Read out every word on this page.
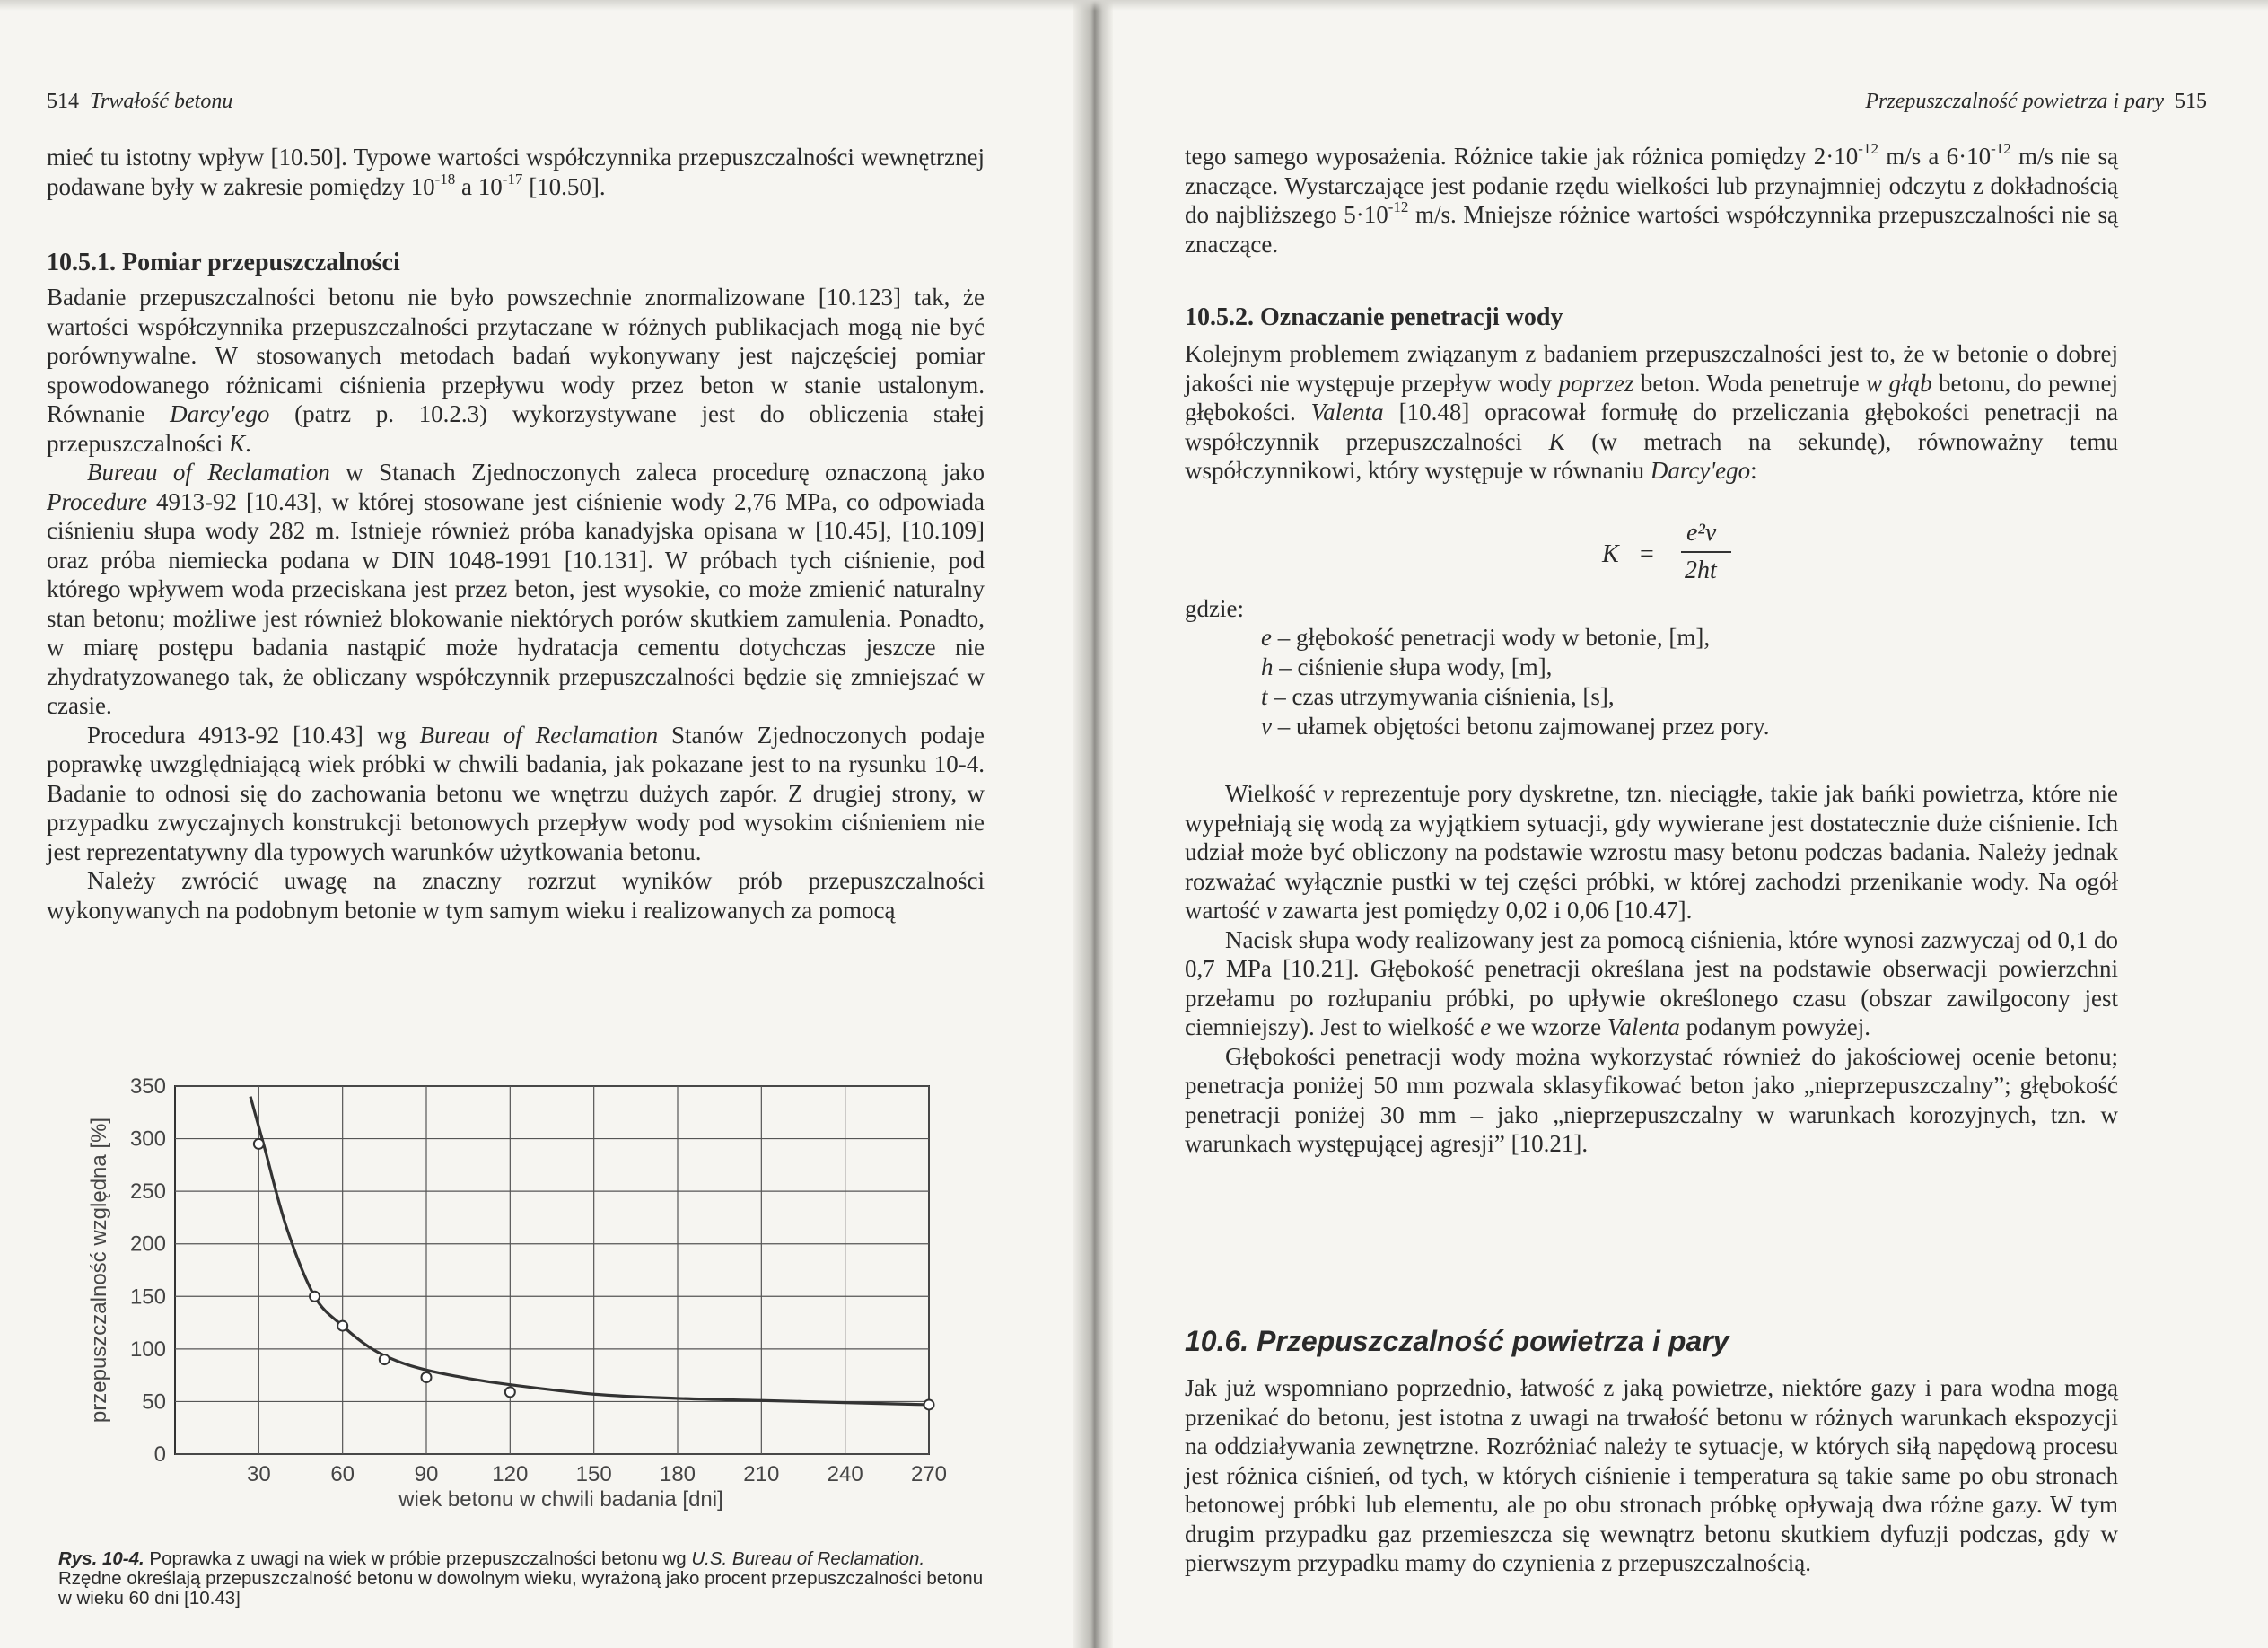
514 Trwałość betonu
mieć tu istotny wpływ [10.50]. Typowe wartości współczynnika przepuszczalności wewnętrznej podawane były w zakresie pomiędzy $10^{-18}$ a $10^{-17}$ [10.50].
10.5.1. Pomiar przepuszczalności

Badanie przepuszczalności betonu nie było powszechnie znormalizowane [10.123] tak, że wartości współczynnika przepuszczalności przytaczane w różnych publikacjach mogą nie być porównywalne. W stosowanych metodach badań wykonywany jest najczęściej pomiar spowodowanego różnicami ciśnienia przepływu wody przez beton w stanie ustalonym. Równanie Darcy'ego (patrz p. 10.2.3) wykorzystywane jest do obliczenia stałej przepuszczalności K.

Bureau of Reclamation w Stanach Zjednoczonych zaleca procedurę oznaczoną jako Procedure 4913-92 [10.43], w której stosowane jest ciśnienie wody 2,76 MPa, co odpowiada ciśnieniu słupa wody 282 m. Istnieje również próba kanadyjska opisana w [10.45], [10.109] oraz próba niemiecka podana w DIN 1048-1991 [10.131]. W próbach tych ciśnienie, pod którego wpływem woda przeciskana jest przez beton, jest wysokie, co może zmienić naturalny stan betonu; możliwe jest również blokowanie niektórych porów skutkiem zamulenia. Ponadto, w miarę postępu badania nastąpić może hydratacja cementu dotychczas jeszcze nie zhydratyzowanego tak, że obliczany współczynnik przepuszczalności będzie się zmniejszać w czasie.

Procedura 4913-92 [10.43] wg Bureau of Reclamation Stanów Zjednoczonych podaje poprawkę uwzględniającą wiek próbki w chwili badania, jak pokazane jest to na rysunku 10-4. Badanie to odnosi się do zachowania betonu we wnętrzu dużych zapór. Z drugiej strony, w przypadku zwyczajnych konstrukcji betonowych przepływ wody pod wysokim ciśnieniem nie jest reprezentatywny dla typowych warunków użytkowania betonu.

Należy zwrócić uwagę na znaczny rozrzut wyników prób przepuszczalności wykonywanych na podobnym betonie w tym samym wieku i realizowanych za pomocą

30	60	90 120 150 180 210 240 270
0
50
100
150
200
250
300
350
przepuszczalność względna [%]
wiek betonu w chwili badania [dni]
Rys. 10-4. Poprawka z uwagi na wiek w próbie przepuszczalności betonu wg U.S. Bureau of Reclamation. Rzędne określają przepuszczalność betonu w dowolnym wieku, wyrażoną jako procent przepuszczalności betonu w wieku 60 dni [10.43]
Przepuszczalność powietrza i pary 515
tego samego wyposażenia. Różnice takie jak różnica pomiędzy $2\cdot 10^{-12}$ m/s a $6\cdot 10^{-12}$ m/s nie są znaczące. Wystarczające jest podanie rzędu wielkości lub przynajmniej odczytu z dokładnością do najbliższego $5\cdot 10^{-12}$ m/s. Mniejsze różnice wartości współczynnika przepuszczalności nie są znaczące.
10.5.2. Oznaczanie penetracji wody
Kolejnym problemem związanym z badaniem przepuszczalności jest to, że w betonie o dobrej jakości nie występuje przepływ wody poprzez beton. Woda penetruje w głąb betonu, do pewnej głębokości. Valenta [10.48] opracował formułę do przeliczania głębokości penetracji na współczynnik przepuszczalności K (w metrach na sekundę), równoważny temu współczynnikowi, który występuje w równaniu Darcy'ego:
K =
e²v
2ht
gdzie:
e – głębokość penetracji wody w betonie, [m],
h – ciśnienie słupa wody, [m],
t – czas utrzymywania ciśnienia, [s],
v – ułamek objętości betonu zajmowanej przez pory.

Wielkość v reprezentuje pory dyskretne, tzn. nieciągłe, takie jak bańki powietrza, które nie wypełniają się wodą za wyjątkiem sytuacji, gdy wywierane jest dostatecznie duże ciśnienie. Ich udział może być obliczony na podstawie wzrostu masy betonu podczas badania. Należy jednak rozważać wyłącznie pustki w tej części próbki, w której zachodzi przenikanie wody. Na ogół wartość v zawarta jest pomiędzy 0,02 i 0,06 [10.47].

Nacisk słupa wody realizowany jest za pomocą ciśnienia, które wynosi zazwyczaj od 0,1 do 0,7 MPa [10.21]. Głębokość penetracji określana jest na podstawie obserwacji powierzchni przełamu po rozłupaniu próbki, po upływie określonego czasu (obszar zawilgocony jest ciemniejszy). Jest to wielkość e we wzorze Valenta podanym powyżej.

Głębokości penetracji wody można wykorzystać również do jakościowej ocenie betonu; penetracja poniżej 50 mm pozwala sklasyfikować beton jako „nieprzepuszczalny”; głębokość penetracji poniżej 30 mm – jako „nieprzepuszczalny w warunkach korozyjnych, tzn. w warunkach występującej agresji” [10.21].

10.6. Przepuszczalność powietrza i pary
Jak już wspomniano poprzednio, łatwość z jaką powietrze, niektóre gazy i para wodna mogą przenikać do betonu, jest istotna z uwagi na trwałość betonu w różnych warunkach ekspozycji na oddziaływania zewnętrzne. Rozróżniać należy te sytuacje, w których siłą napędową procesu jest różnica ciśnień, od tych, w których ciśnienie i temperatura są takie same po obu stronach betonowej próbki lub elementu, ale po obu stronach próbkę opływają dwa różne gazy. W tym drugim przypadku gaz przemieszcza się wewnątrz betonu skutkiem dyfuzji podczas, gdy w pierwszym przypadku mamy do czynienia z przepuszczalnością.
